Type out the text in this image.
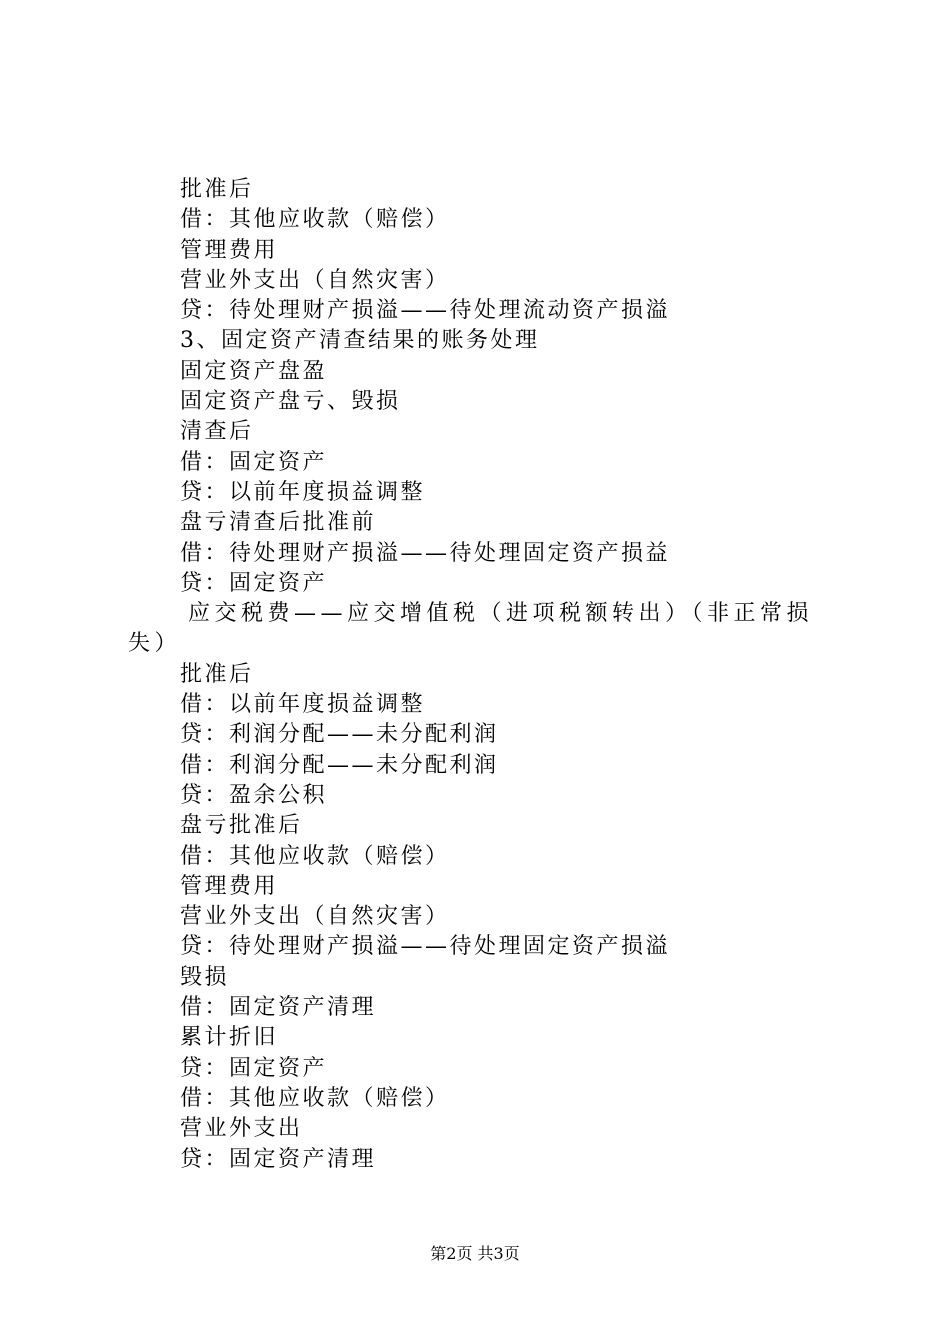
批准后
借：其他应收款（赔偿）
管理费用
营业外支出（自然灾害）
贷：待处理财产损溢——待处理流动资产损溢
3、固定资产清查结果的账务处理
固定资产盘盈
固定资产盘亏、毁损
清查后
借：固定资产
贷：以前年度损益调整
盘亏清查后批准前
借：待处理财产损溢——待处理固定资产损益
贷：固定资产
应交税费——应交增值税（进项税额转出）（非正常损失）
批准后
借：以前年度损益调整
贷：利润分配——未分配利润
借：利润分配——未分配利润
贷：盈余公积
盘亏批准后
借：其他应收款（赔偿）
管理费用
营业外支出（自然灾害）
贷：待处理财产损溢——待处理固定资产损溢
毁损
借：固定资产清理
累计折旧
贷：固定资产
借：其他应收款（赔偿）
营业外支出
贷：固定资产清理
第2页 共3页
